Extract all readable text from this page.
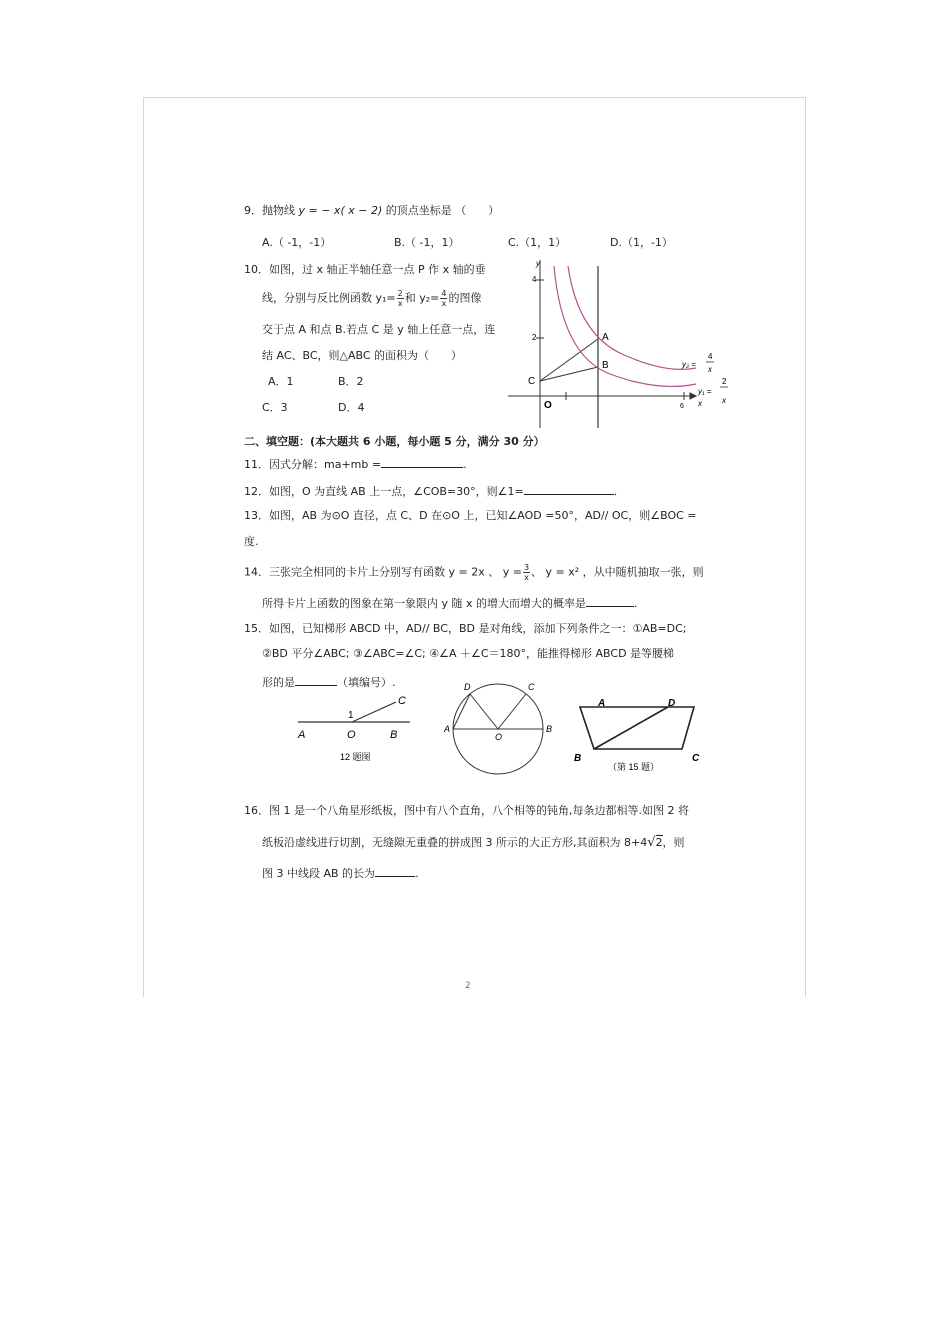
9．抛物线 y = − x( x − 2) 的顶点坐标是 （　　）
A.（ -1，-1）	B.（ -1，1）	C.（1，1）	D.（1，-1）
10．如图，过 x 轴正半轴任意一点 P 作 x 轴的垂
线，分别与反比例函数 $y_1= \frac{2}{x}$ 和 $y_2= \frac{4}{x}$ 的图像
交于点 A 和点 B.若点 C 是 y 轴上任意一点，连
结 AC、BC，则△ABC 的面积为（　　）
A．1	B．2
C．3	D．4
4
2
6 x
y
A
B
C
O
y₂ =
4
x
y₁ =
2
x
二、填空题：(本大题共 6 小题，每小题 5 分，满分 30 分）
11．因式分解：ma+mb =	.
12．如图，O 为直线 AB 上一点，∠COB=30°，则∠1=	.
13．如图，AB 为⊙O 直径，点 C、D 在⊙O 上，已知∠AOD =50°，AD// OC，则∠BOC =
度.
14．三张完全相同的卡片上分别写有函数 y = 2x 、 $y = \frac{3}{x}$ 、 y = x² ，从中随机抽取一张，则
所得卡片上函数的图象在第一象限内 y 随 x 的增大而增大的概率是	.
15．如图，已知梯形 ABCD 中，AD// BC，BD 是对角线，添加下列条件之一：①AB=DC;
②BD 平分∠ABC; ③∠ABC=∠C; ④∠A ＋∠C＝180°，能推得梯形 ABCD 是等腰梯
形的是	（填编号）.
A	O	B
C
1
12 题图
A	B
O
D	C
A	D
B	C
（第 15 题）
16．图 1 是一个八角星形纸板，图中有八个直角，八个相等的钝角,每条边都相等.如图 2 将
纸板沿虚线进行切割，无缝隙无重叠的拼成图 3 所示的大正方形,其面积为 8+4√2，则
图 3 中线段 AB 的长为	.
2
